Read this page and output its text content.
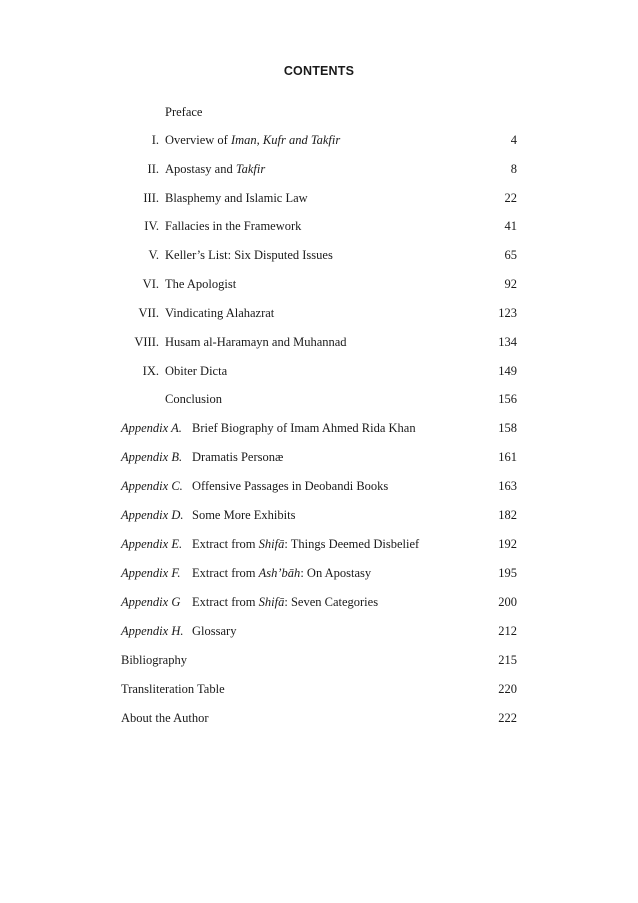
CONTENTS
Preface
I. Overview of Iman, Kufr and Takfir	4
II. Apostasy and Takfir	8
III. Blasphemy and Islamic Law	22
IV. Fallacies in the Framework	41
V. Keller’s List: Six Disputed Issues	65
VI. The Apologist	92
VII. Vindicating Alahazrat	123
VIII. Husam al-Haramayn and Muhannad	134
IX. Obiter Dicta	149
Conclusion	156
Appendix A. Brief Biography of Imam Ahmed Rida Khan	158
Appendix B. Dramatis Personæ	161
Appendix C. Offensive Passages in Deobandi Books	163
Appendix D. Some More Exhibits	182
Appendix E. Extract from Shifā: Things Deemed Disbelief	192
Appendix F. Extract from Ash’bāh: On Apostasy	195
Appendix G Extract from Shifā: Seven Categories	200
Appendix H. Glossary	212
Bibliography	215
Transliteration Table	220
About the Author	222
